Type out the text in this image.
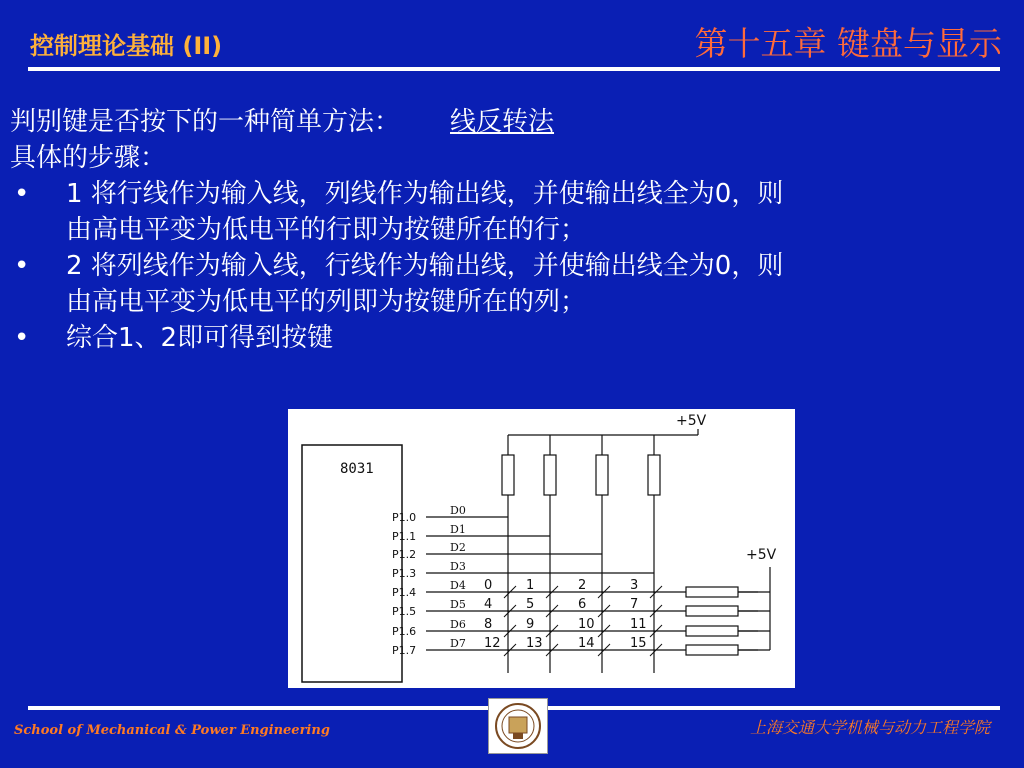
控制理论基础 (II)	第十五章 键盘与显示
判别键是否按下的一种简单方法： 线反转法
具体的步骤：
•	1 将行线作为输入线，列线作为输出线，并使输出线全为0，则
由高电平变为低电平的行即为按键所在的行；
•	2 将列线作为输入线，行线作为输出线，并使输出线全为0，则
由高电平变为低电平的列即为按键所在的列；
•	综合1、2即可得到按键
8031
+5V
+5V
P1.0
P1.1
P1.2
P1.3
P1.4
P1.5
P1.6
P1.7
D0
D1
D2
D3
D4
D5
D6
D7
0	1	2	3
4	5	6	7
8	9	10	11
12 13	14	15
School of Mechanical & Power Engineering	上海交通大学机械与动力工程学院
